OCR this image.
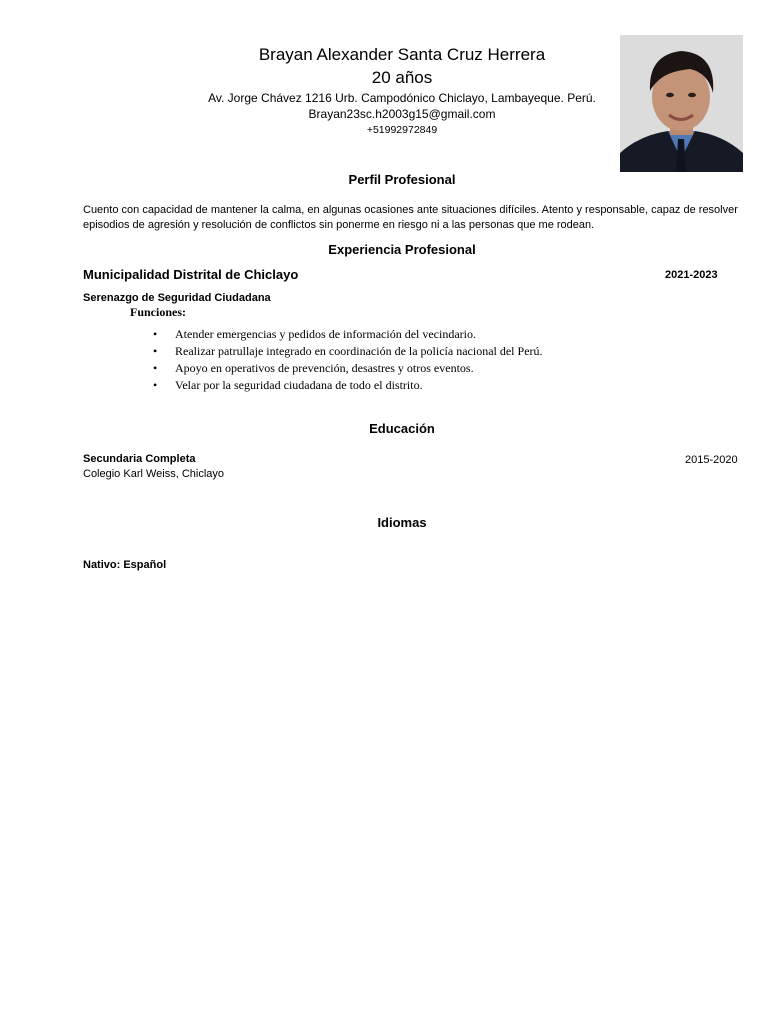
Brayan Alexander Santa Cruz Herrera

20 años

Av. Jorge Chávez 1216 Urb. Campodónico Chiclayo, Lambayeque. Perú.

Brayan23sc.h2003g15@gmail.com

+51992972849

Perfil Profesional

Cuento con capacidad de mantener la calma, en algunas ocasiones ante situaciones difíciles. Atento y responsable, capaz de resolver episodios de agresión y resolución de conflictos sin ponerme en riesgo ni a las personas que me rodean.

Experiencia Profesional

Municipalidad Distrital de Chiclayo	2021-2023

Serenazgo de Seguridad Ciudadana

Funciones:

• Atender emergencias y pedidos de información del vecindario.
• Realizar patrullaje integrado en coordinación de la policía nacional del Perú.
• Apoyo en operativos de prevención, desastres y otros eventos.
• Velar por la seguridad ciudadana de todo el distrito.
Educación

Secundaria Completa

Colegio Karl Weiss, Chiclayo

2015-2020

Idiomas

Nativo: Español
